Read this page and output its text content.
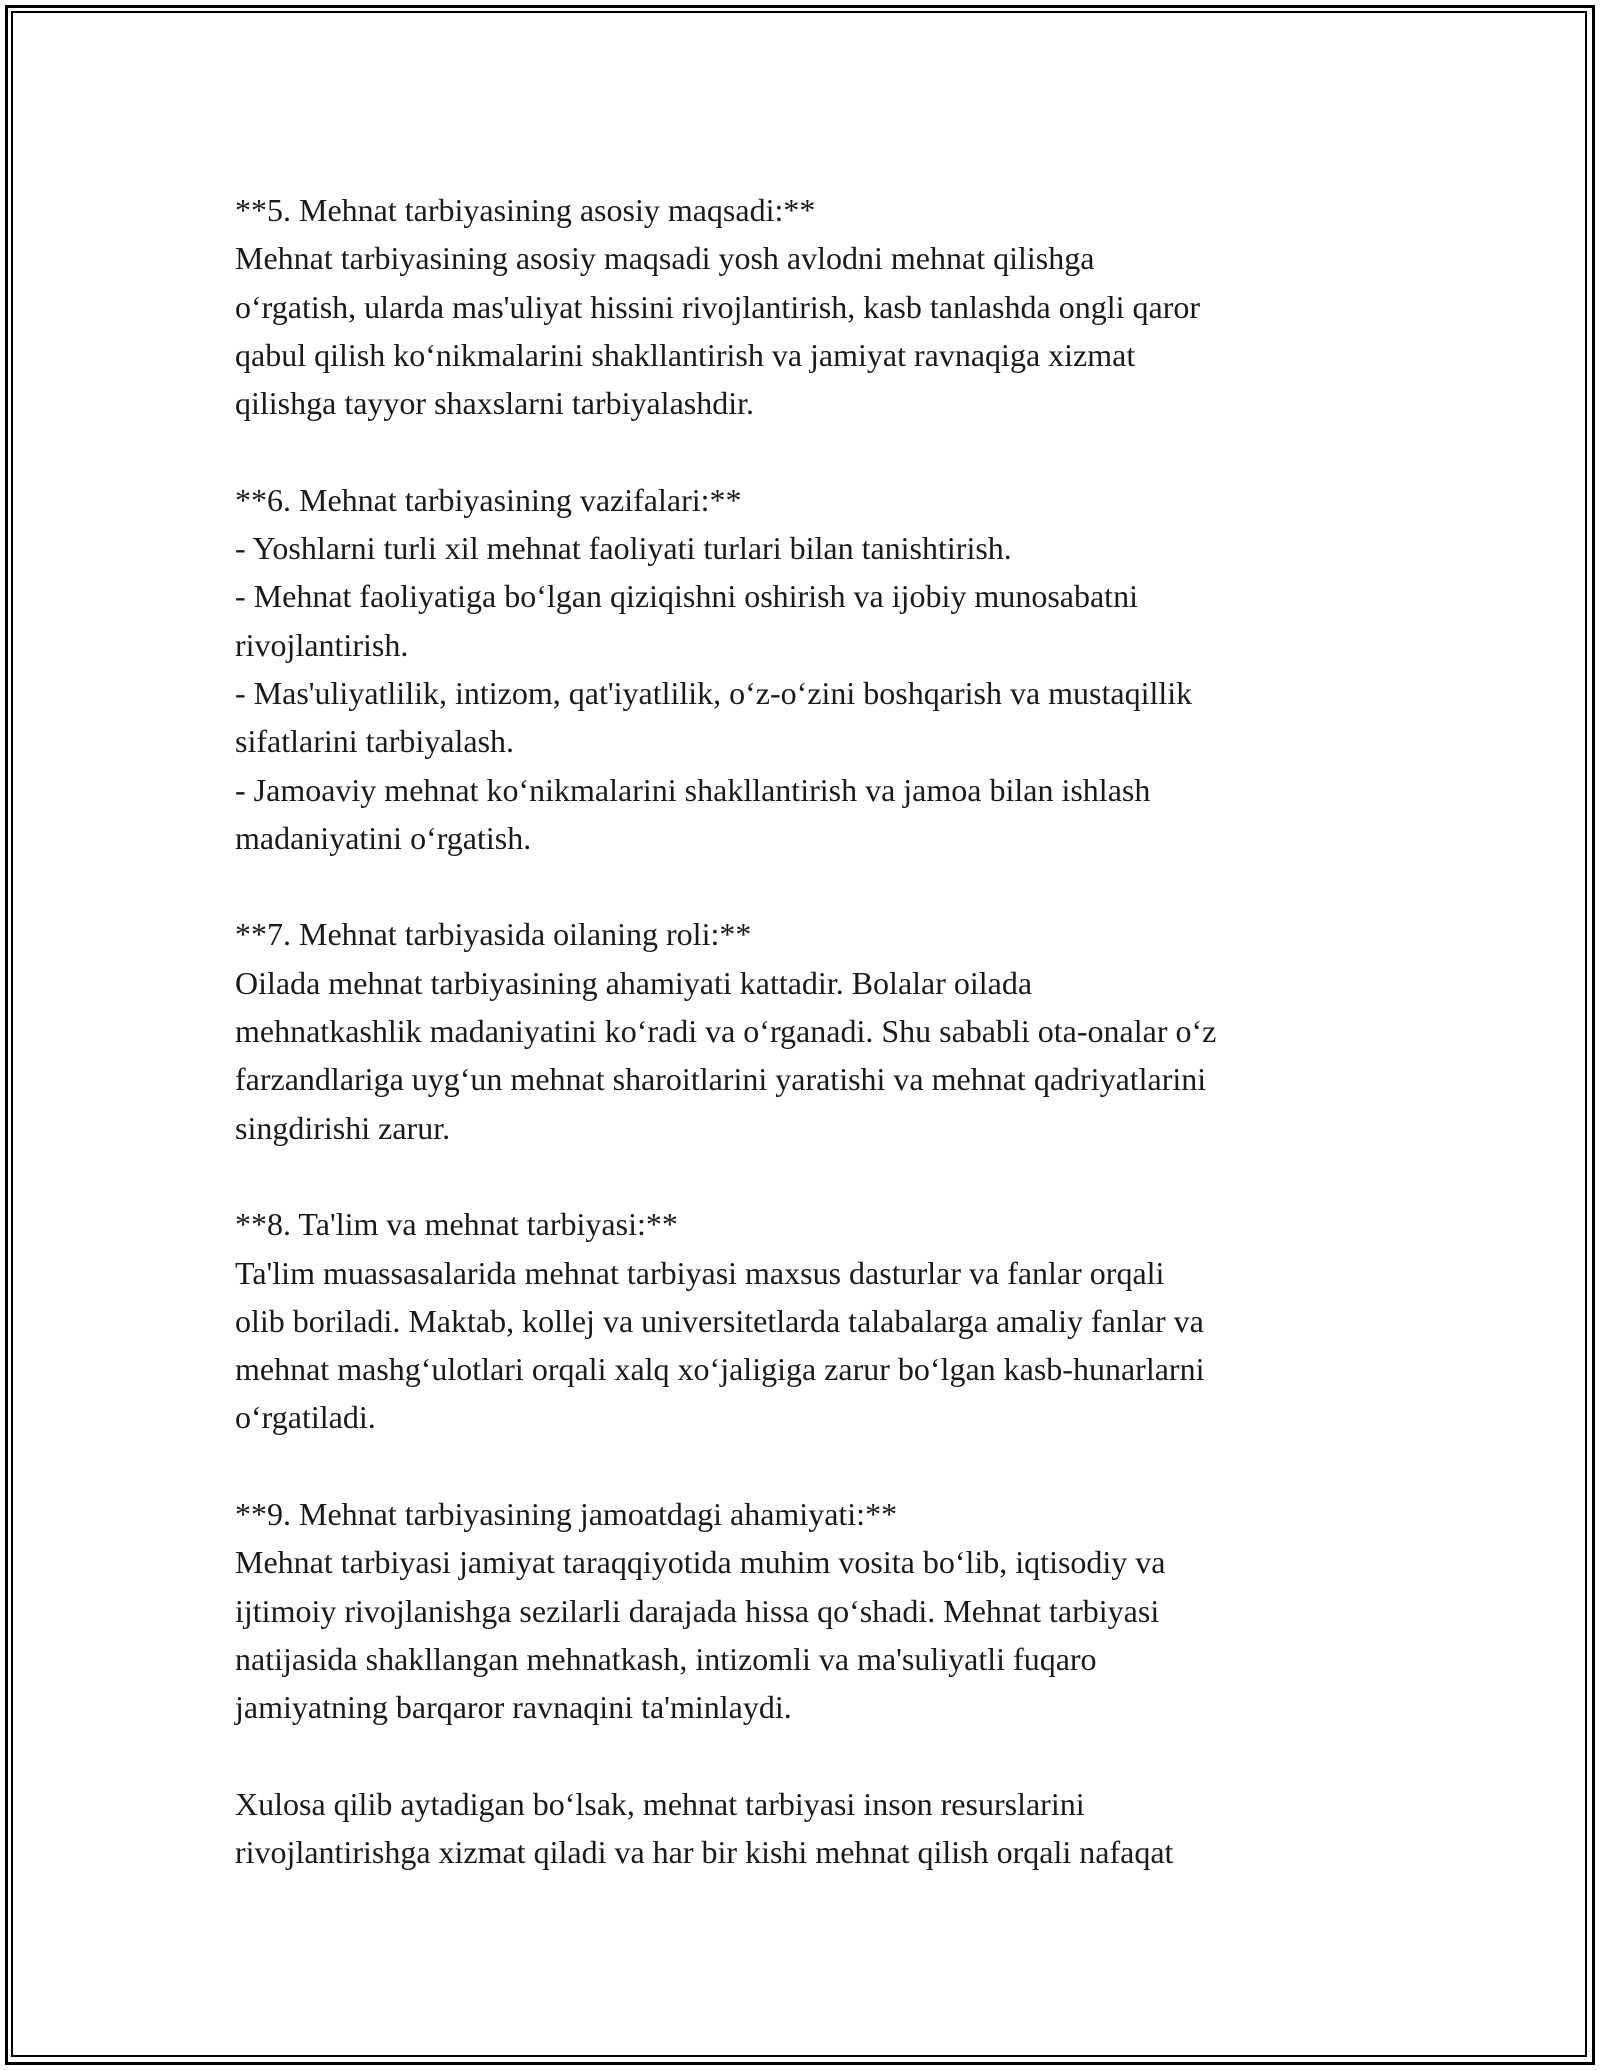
**5. Mehnat tarbiyasining asosiy maqsadi:**

Mehnat tarbiyasining asosiy maqsadi yosh avlodni mehnat qilishga

o‘rgatish, ularda mas'uliyat hissini rivojlantirish, kasb tanlashda ongli qaror

qabul qilish ko‘nikmalarini shakllantirish va jamiyat ravnaqiga xizmat

qilishga tayyor shaxslarni tarbiyalashdir.

**6. Mehnat tarbiyasining vazifalari:**

- Yoshlarni turli xil mehnat faoliyati turlari bilan tanishtirish.

- Mehnat faoliyatiga bo‘lgan qiziqishni oshirish va ijobiy munosabatni

rivojlantirish.

- Mas'uliyatlilik, intizom, qat'iyatlilik, o‘z-o‘zini boshqarish va mustaqillik

sifatlarini tarbiyalash.

- Jamoaviy mehnat ko‘nikmalarini shakllantirish va jamoa bilan ishlash

madaniyatini o‘rgatish.

**7. Mehnat tarbiyasida oilaning roli:**

Oilada mehnat tarbiyasining ahamiyati kattadir. Bolalar oilada

mehnatkashlik madaniyatini ko‘radi va o‘rganadi. Shu sababli ota-onalar o‘z

farzandlariga uyg‘un mehnat sharoitlarini yaratishi va mehnat qadriyatlarini

singdirishi zarur.

**8. Ta'lim va mehnat tarbiyasi:**

Ta'lim muassasalarida mehnat tarbiyasi maxsus dasturlar va fanlar orqali

olib boriladi. Maktab, kollej va universitetlarda talabalarga amaliy fanlar va

mehnat mashg‘ulotlari orqali xalq xo‘jaligiga zarur bo‘lgan kasb-hunarlarni

o‘rgatiladi.

**9. Mehnat tarbiyasining jamoatdagi ahamiyati:**

Mehnat tarbiyasi jamiyat taraqqiyotida muhim vosita bo‘lib, iqtisodiy va

ijtimoiy rivojlanishga sezilarli darajada hissa qo‘shadi. Mehnat tarbiyasi

natijasida shakllangan mehnatkash, intizomli va ma'suliyatli fuqaro

jamiyatning barqaror ravnaqini ta'minlaydi.

Xulosa qilib aytadigan bo‘lsak, mehnat tarbiyasi inson resurslarini

rivojlantirishga xizmat qiladi va har bir kishi mehnat qilish orqali nafaqat
